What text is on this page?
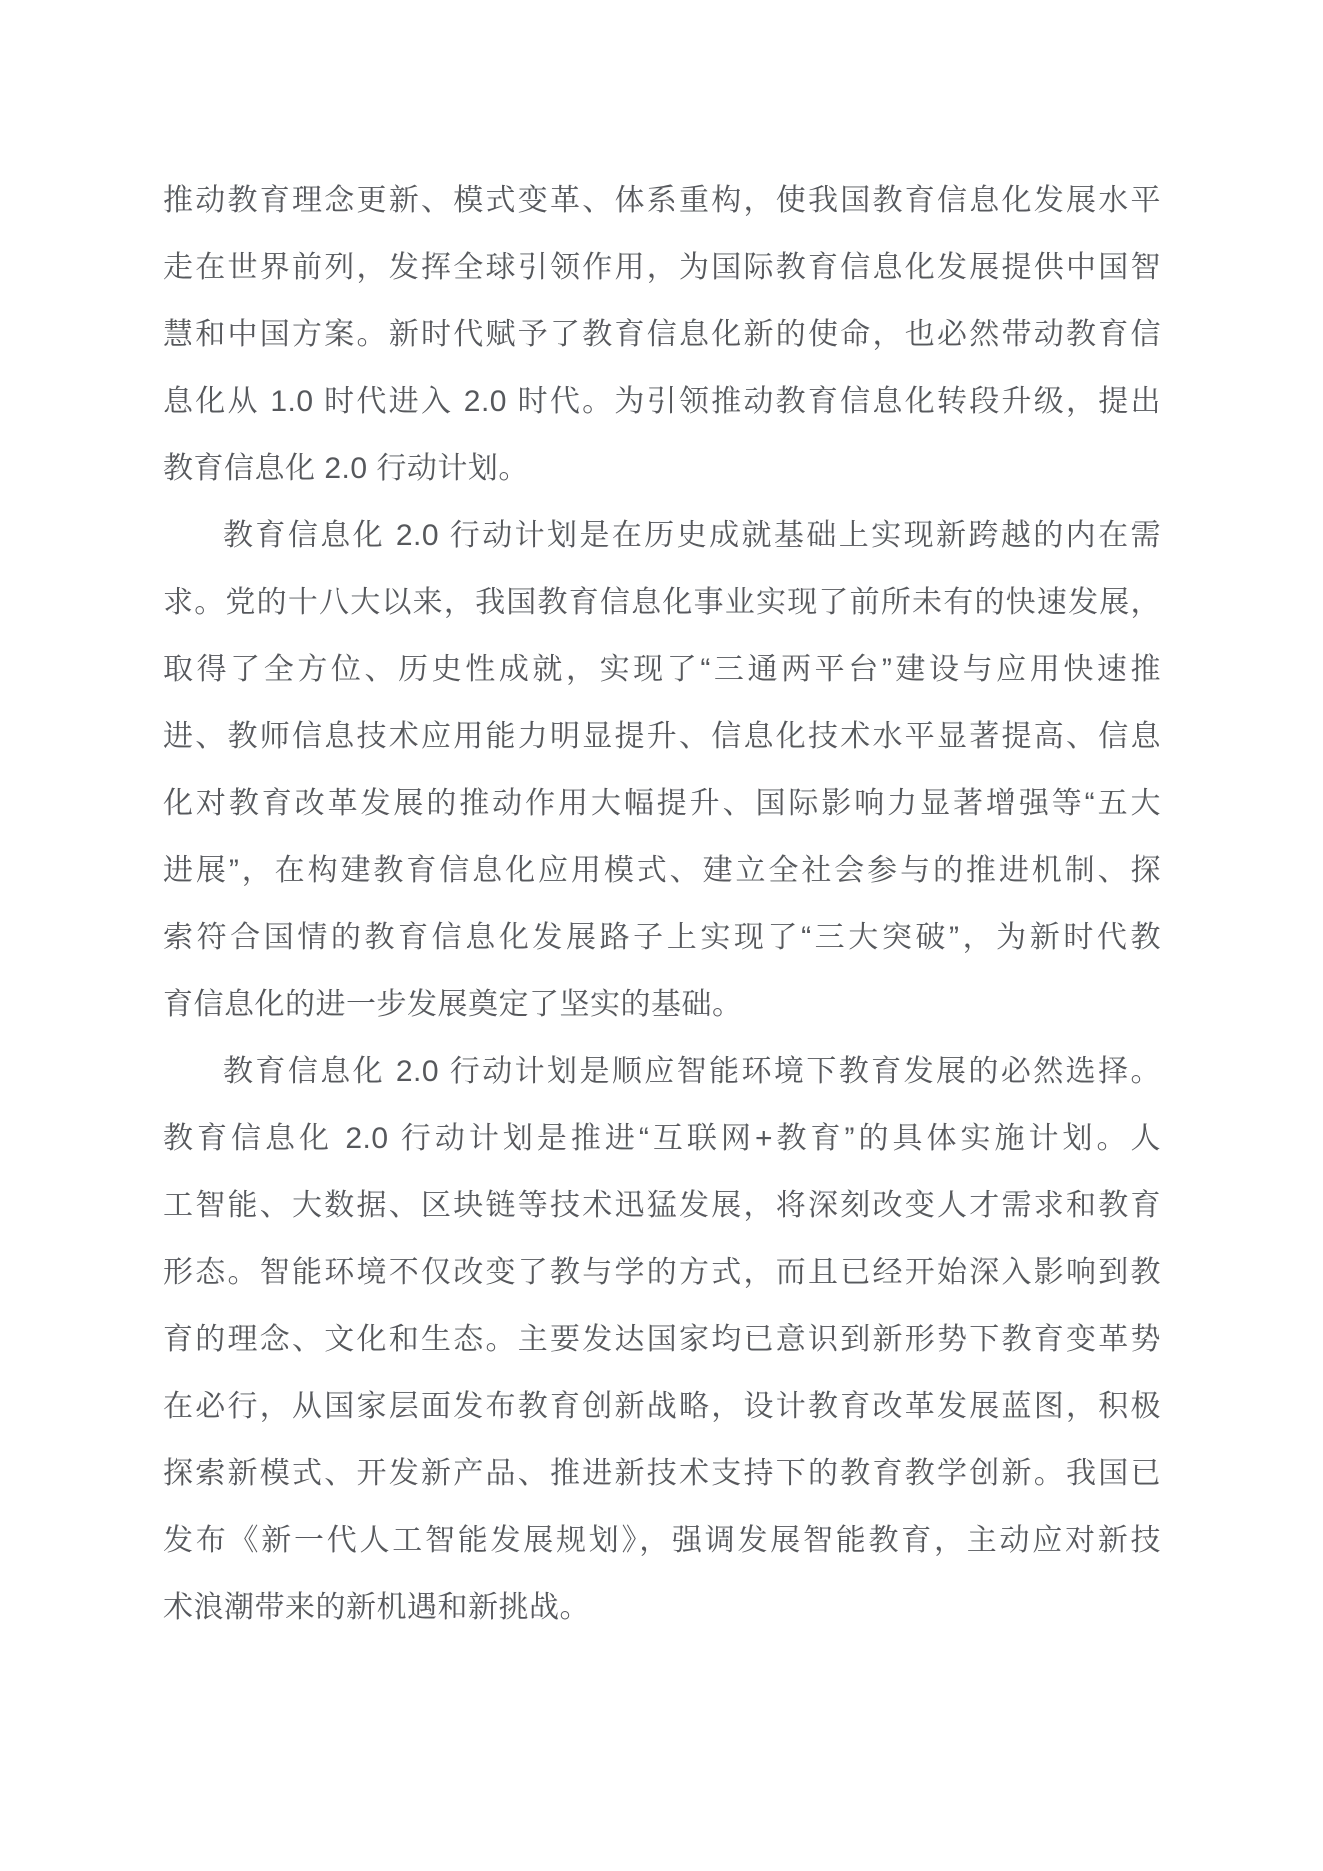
推动教育理念更新、模式变革、体系重构，使我国教育信息化发展水平
走在世界前列，发挥全球引领作用，为国际教育信息化发展提供中国智
慧和中国方案。新时代赋予了教育信息化新的使命，也必然带动教育信
息化从 1.0 时代进入 2.0 时代。为引领推动教育信息化转段升级，提出
教育信息化 2.0 行动计划。
教育信息化 2.0 行动计划是在历史成就基础上实现新跨越的内在需
求。党的十八大以来，我国教育信息化事业实现了前所未有的快速发展，
取得了全方位、历史性成就，实现了“三通两平台”建设与应用快速推
进、教师信息技术应用能力明显提升、信息化技术水平显著提高、信息
化对教育改革发展的推动作用大幅提升、国际影响力显著增强等“五大
进展”，在构建教育信息化应用模式、建立全社会参与的推进机制、探
索符合国情的教育信息化发展路子上实现了“三大突破”，为新时代教
育信息化的进一步发展奠定了坚实的基础。
教育信息化 2.0 行动计划是顺应智能环境下教育发展的必然选择。
教育信息化 2.0 行动计划是推进“互联网+教育”的具体实施计划。人
工智能、大数据、区块链等技术迅猛发展，将深刻改变人才需求和教育
形态。智能环境不仅改变了教与学的方式，而且已经开始深入影响到教
育的理念、文化和生态。主要发达国家均已意识到新形势下教育变革势
在必行，从国家层面发布教育创新战略，设计教育改革发展蓝图，积极
探索新模式、开发新产品、推进新技术支持下的教育教学创新。我国已
发布《新一代人工智能发展规划》，强调发展智能教育，主动应对新技
术浪潮带来的新机遇和新挑战。
